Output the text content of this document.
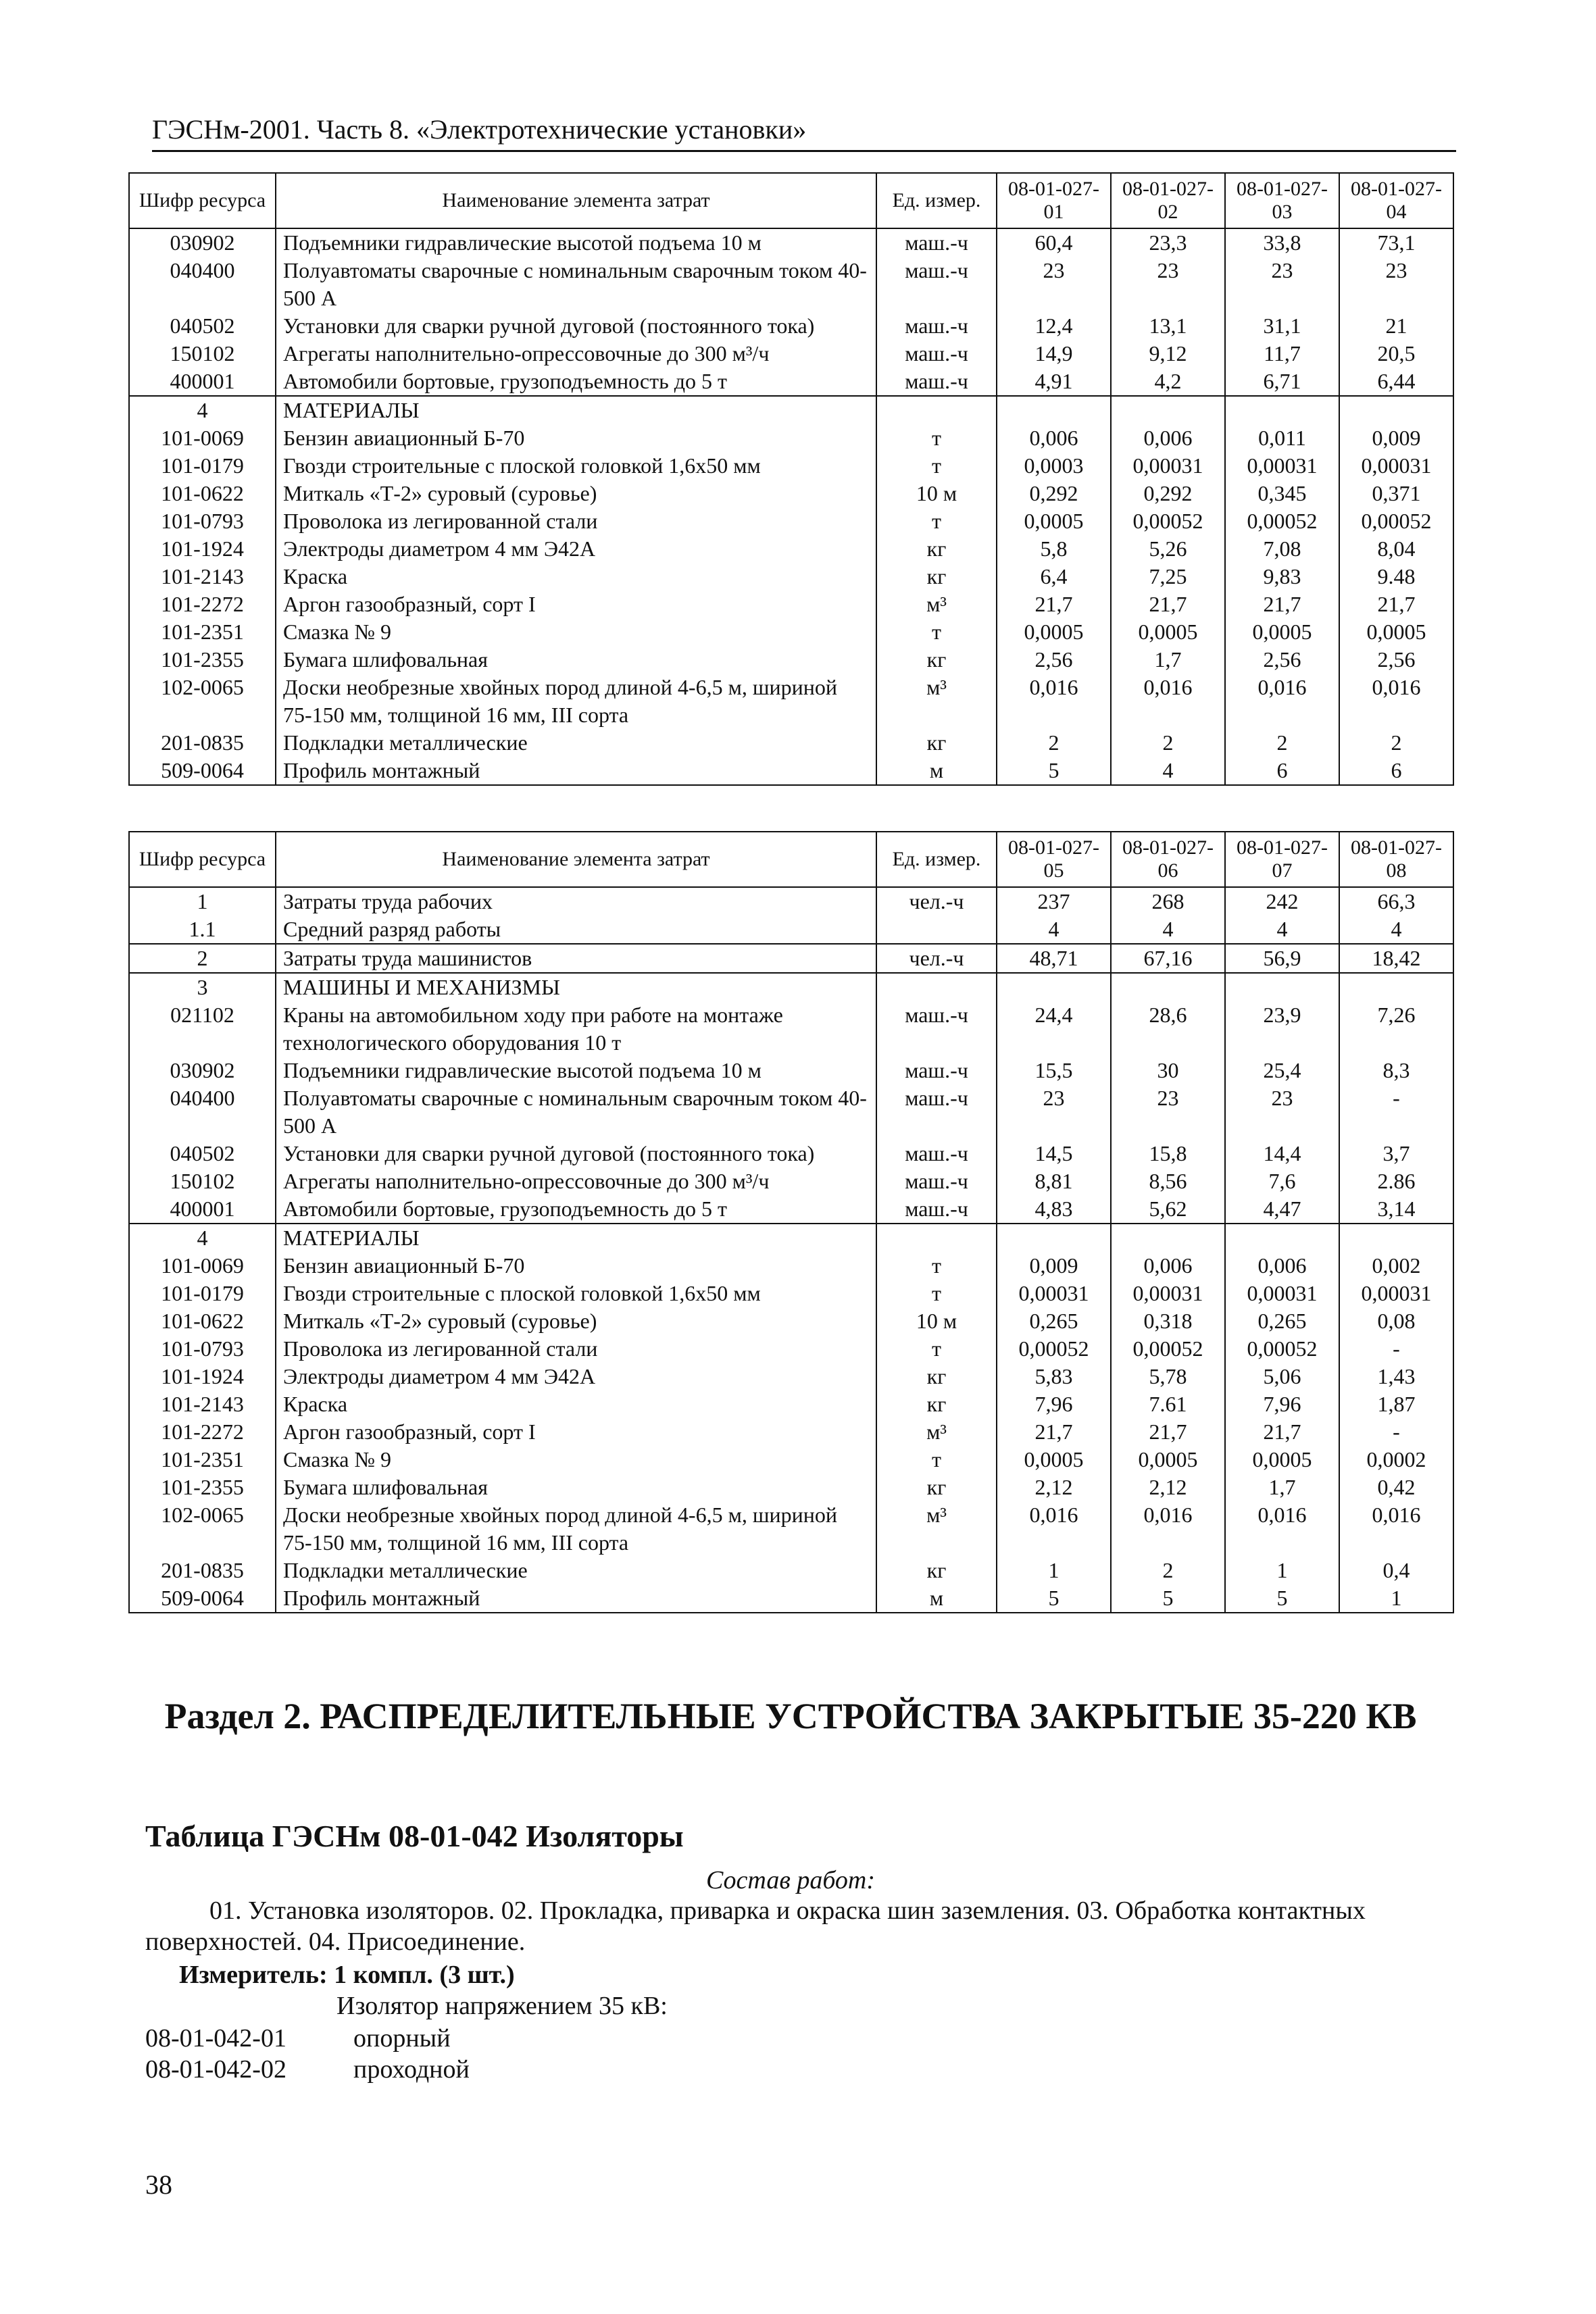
ГЭСНм-2001. Часть 8. «Электротехнические установки»
Шифр ресурса	Наименование элемента затрат	Ед. измер.	08-01-027-01	08-01-027-02	08-01-027-03	08-01-027-04
030902	Подъемники гидравлические высотой подъема 10 м	маш.-ч	60,4	23,3	33,8	73,1
040400	Полуавтоматы сварочные с номинальным сварочным током 40-500 А	маш.-ч	23	23	23	23
040502	Установки для сварки ручной дуговой (постоянного тока)	маш.-ч	12,4	13,1	31,1	21
150102	Агрегаты наполнительно-опрессовочные до 300 м³/ч	маш.-ч	14,9	9,12	11,7	20,5
400001	Автомобили бортовые, грузоподъемность до 5 т	маш.-ч	4,91	4,2	6,71	6,44
4	МАТЕРИАЛЫ					
101-0069	Бензин авиационный Б-70	т	0,006	0,006	0,011	0,009
101-0179	Гвозди строительные с плоской головкой 1,6х50 мм	т	0,0003	0,00031	0,00031	0,00031
101-0622	Миткаль «Т-2» суровый (суровье)	10 м	0,292	0,292	0,345	0,371
101-0793	Проволока из легированной стали	т	0,0005	0,00052	0,00052	0,00052
101-1924	Электроды диаметром 4 мм Э42А	кг	5,8	5,26	7,08	8,04
101-2143	Краска	кг	6,4	7,25	9,83	9.48
101-2272	Аргон газообразный, сорт I	м³	21,7	21,7	21,7	21,7
101-2351	Смазка № 9	т	0,0005	0,0005	0,0005	0,0005
101-2355	Бумага шлифовальная	кг	2,56	1,7	2,56	2,56
102-0065	Доски необрезные хвойных пород длиной 4-6,5 м, шириной 75-150 мм, толщиной 16 мм, III сорта	м³	0,016	0,016	0,016	0,016
201-0835	Подкладки металлические	кг	2	2	2	2
509-0064	Профиль монтажный	м	5	4	6	6
Шифр ресурса	Наименование элемента затрат	Ед. измер.	08-01-027-05	08-01-027-06	08-01-027-07	08-01-027-08
1	Затраты труда рабочих	чел.-ч	237	268	242	66,3
1.1	Средний разряд работы		4	4	4	4
2	Затраты труда машинистов	чел.-ч	48,71	67,16	56,9	18,42
3	МАШИНЫ И МЕХАНИЗМЫ					
021102	Краны на автомобильном ходу при работе на монтаже технологического оборудования 10 т	маш.-ч	24,4	28,6	23,9	7,26
030902	Подъемники гидравлические высотой подъема 10 м	маш.-ч	15,5	30	25,4	8,3
040400	Полуавтоматы сварочные с номинальным сварочным током 40-500 А	маш.-ч	23	23	23	-
040502	Установки для сварки ручной дуговой (постоянного тока)	маш.-ч	14,5	15,8	14,4	3,7
150102	Агрегаты наполнительно-опрессовочные до 300 м³/ч	маш.-ч	8,81	8,56	7,6	2.86
400001	Автомобили бортовые, грузоподъемность до 5 т	маш.-ч	4,83	5,62	4,47	3,14
4	МАТЕРИАЛЫ					
101-0069	Бензин авиационный Б-70	т	0,009	0,006	0,006	0,002
101-0179	Гвозди строительные с плоской головкой 1,6х50 мм	т	0,00031	0,00031	0,00031	0,00031
101-0622	Миткаль «Т-2» суровый (суровье)	10 м	0,265	0,318	0,265	0,08
101-0793	Проволока из легированной стали	т	0,00052	0,00052	0,00052	-
101-1924	Электроды диаметром 4 мм Э42А	кг	5,83	5,78	5,06	1,43
101-2143	Краска	кг	7,96	7.61	7,96	1,87
101-2272	Аргон газообразный, сорт I	м³	21,7	21,7	21,7	-
101-2351	Смазка № 9	т	0,0005	0,0005	0,0005	0,0002
101-2355	Бумага шлифовальная	кг	2,12	2,12	1,7	0,42
102-0065	Доски необрезные хвойных пород длиной 4-6,5 м, шириной 75-150 мм, толщиной 16 мм, III сорта	м³	0,016	0,016	0,016	0,016
201-0835	Подкладки металлические	кг	1	2	1	0,4
509-0064	Профиль монтажный	м	5	5	5	1
Раздел 2. РАСПРЕДЕЛИТЕЛЬНЫЕ УСТРОЙСТВА ЗАКРЫТЫЕ 35-220 КВ
Таблица ГЭСНм 08-01-042 Изоляторы
Состав работ:
01. Установка изоляторов. 02. Прокладка, приварка и окраска шин заземления. 03. Обработка контактных поверхностей. 04. Присоединение.
Измеритель: 1 компл. (3 шт.)
Изолятор напряжением 35 кВ:
08-01-042-01	опорный
08-01-042-02	проходной
38
